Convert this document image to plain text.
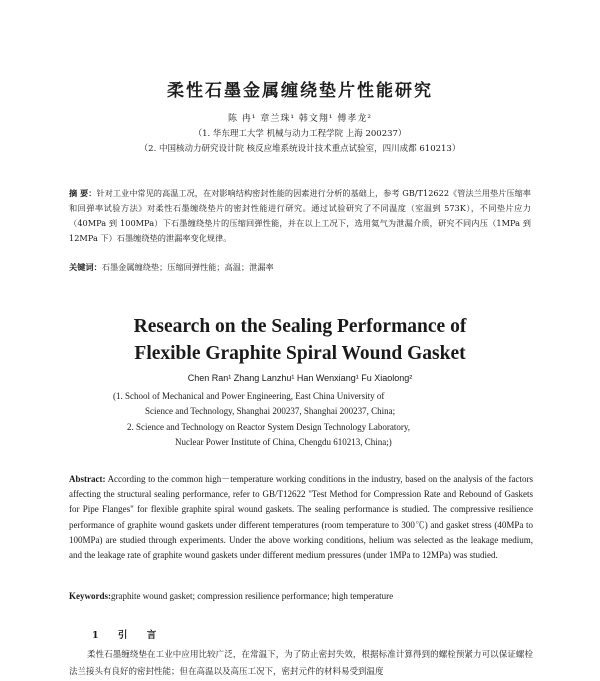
柔性石墨金属缠绕垫片性能研究
陈 冉¹ 章兰珠¹ 韩文翔¹ 傅孝龙²
（1. 华东理工大学 机械与动力工程学院 上海 200237）
（2. 中国核动力研究设计院 核反应堆系统设计技术重点试验室，四川成都 610213）
摘 要：针对工业中常见的高温工况，在对影响结构密封性能的因素进行分析的基础上，参考 GB/T12622《管法兰用垫片压缩率和回弹率试验方法》对柔性石墨缠绕垫片的密封性能进行研究。通过试验研究了不同温度（室温到 573K），不同垫片应力（40MPa 到 100MPa）下石墨缠绕垫片的压缩回弹性能，并在以上工况下，选用氦气为泄漏介质，研究不同内压（1MPa 到 12MPa 下）石墨缠绕垫的泄漏率变化规律。
关键词：石墨金属缠绕垫；压缩回弹性能；高温；泄漏率
Research on the Sealing Performance of
Flexible Graphite Spiral Wound Gasket
Chen Ran¹ Zhang Lanzhu¹ Han Wenxiang¹ Fu Xiaolong²
(1. School of Mechanical and Power Engineering, East China University of
Science and Technology, Shanghai 200237, Shanghai 200237, China;
2. Science and Technology on Reactor System Design Technology Laboratory,
Nuclear Power Institute of China, Chengdu 610213, China;)
Abstract: According to the common high－temperature working conditions in the industry, based on the analysis of the factors affecting the structural sealing performance, refer to GB/T12622 "Test Method for Compression Rate and Rebound of Gaskets for Pipe Flanges" for flexible graphite spiral wound gaskets. The sealing performance is studied. The compressive resilience performance of graphite wound gaskets under different temperatures (room temperature to 300℃) and gasket stress (40MPa to 100MPa) are studied through experiments. Under the above working conditions, helium was selected as the leakage medium, and the leakage rate of graphite wound gaskets under different medium pressures (under 1MPa to 12MPa) was studied.
Keywords:graphite wound gasket; compression resilience performance; high temperature
1 引 言
柔性石墨缠绕垫在工业中应用比较广泛，在常温下，为了防止密封失效，根据标准计算得到的螺栓预紧力可以保证螺栓法兰接头有良好的密封性能；但在高温以及高压工况下，密封元件的材料易受到温度
